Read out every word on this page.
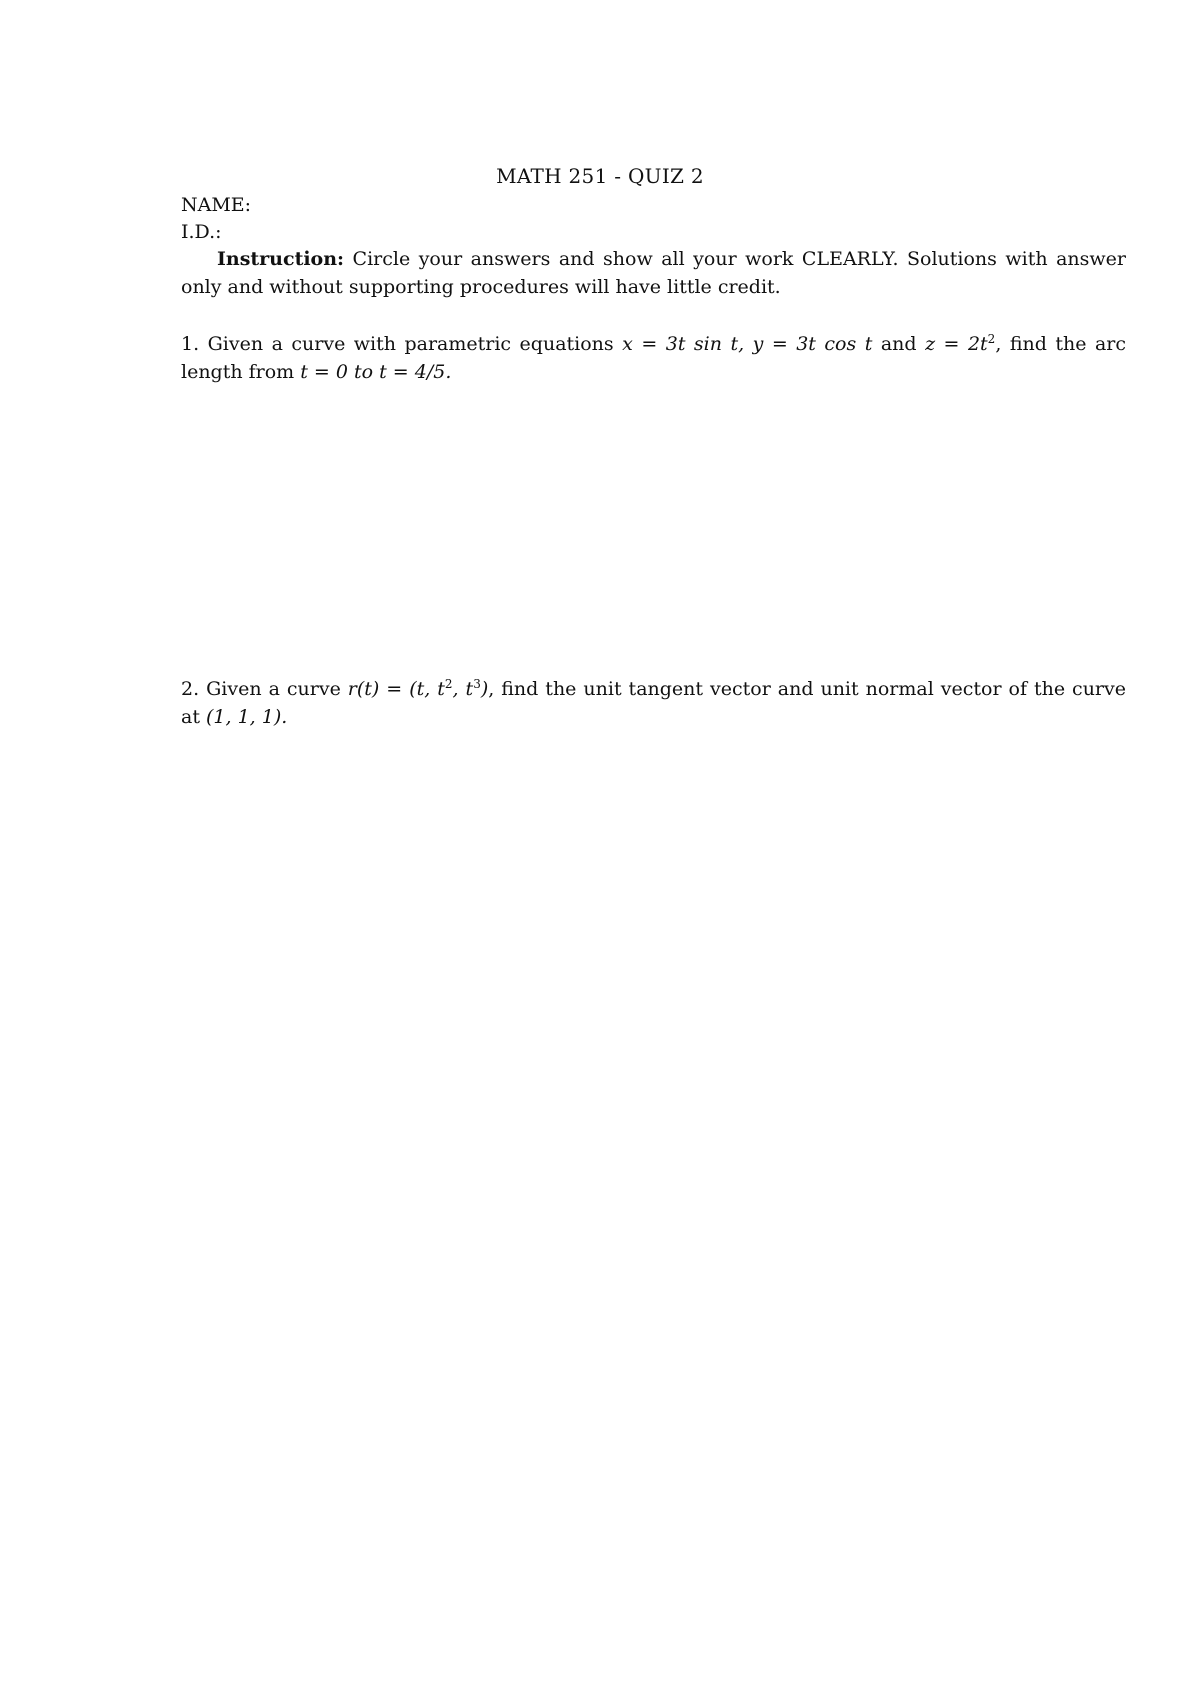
MATH 251 - QUIZ 2
NAME:
I.D.:
Instruction: Circle your answers and show all your work CLEARLY. Solutions with answer only and without supporting procedures will have little credit.
1. Given a curve with parametric equations x = 3t sin t, y = 3t cos t and $z = 2t^2$, find the arc length from t = 0 to t = 4/5.
2. Given a curve r(t) = (t, $t^2$, $t^3$), find the unit tangent vector and unit normal vector of the curve at (1, 1, 1).
